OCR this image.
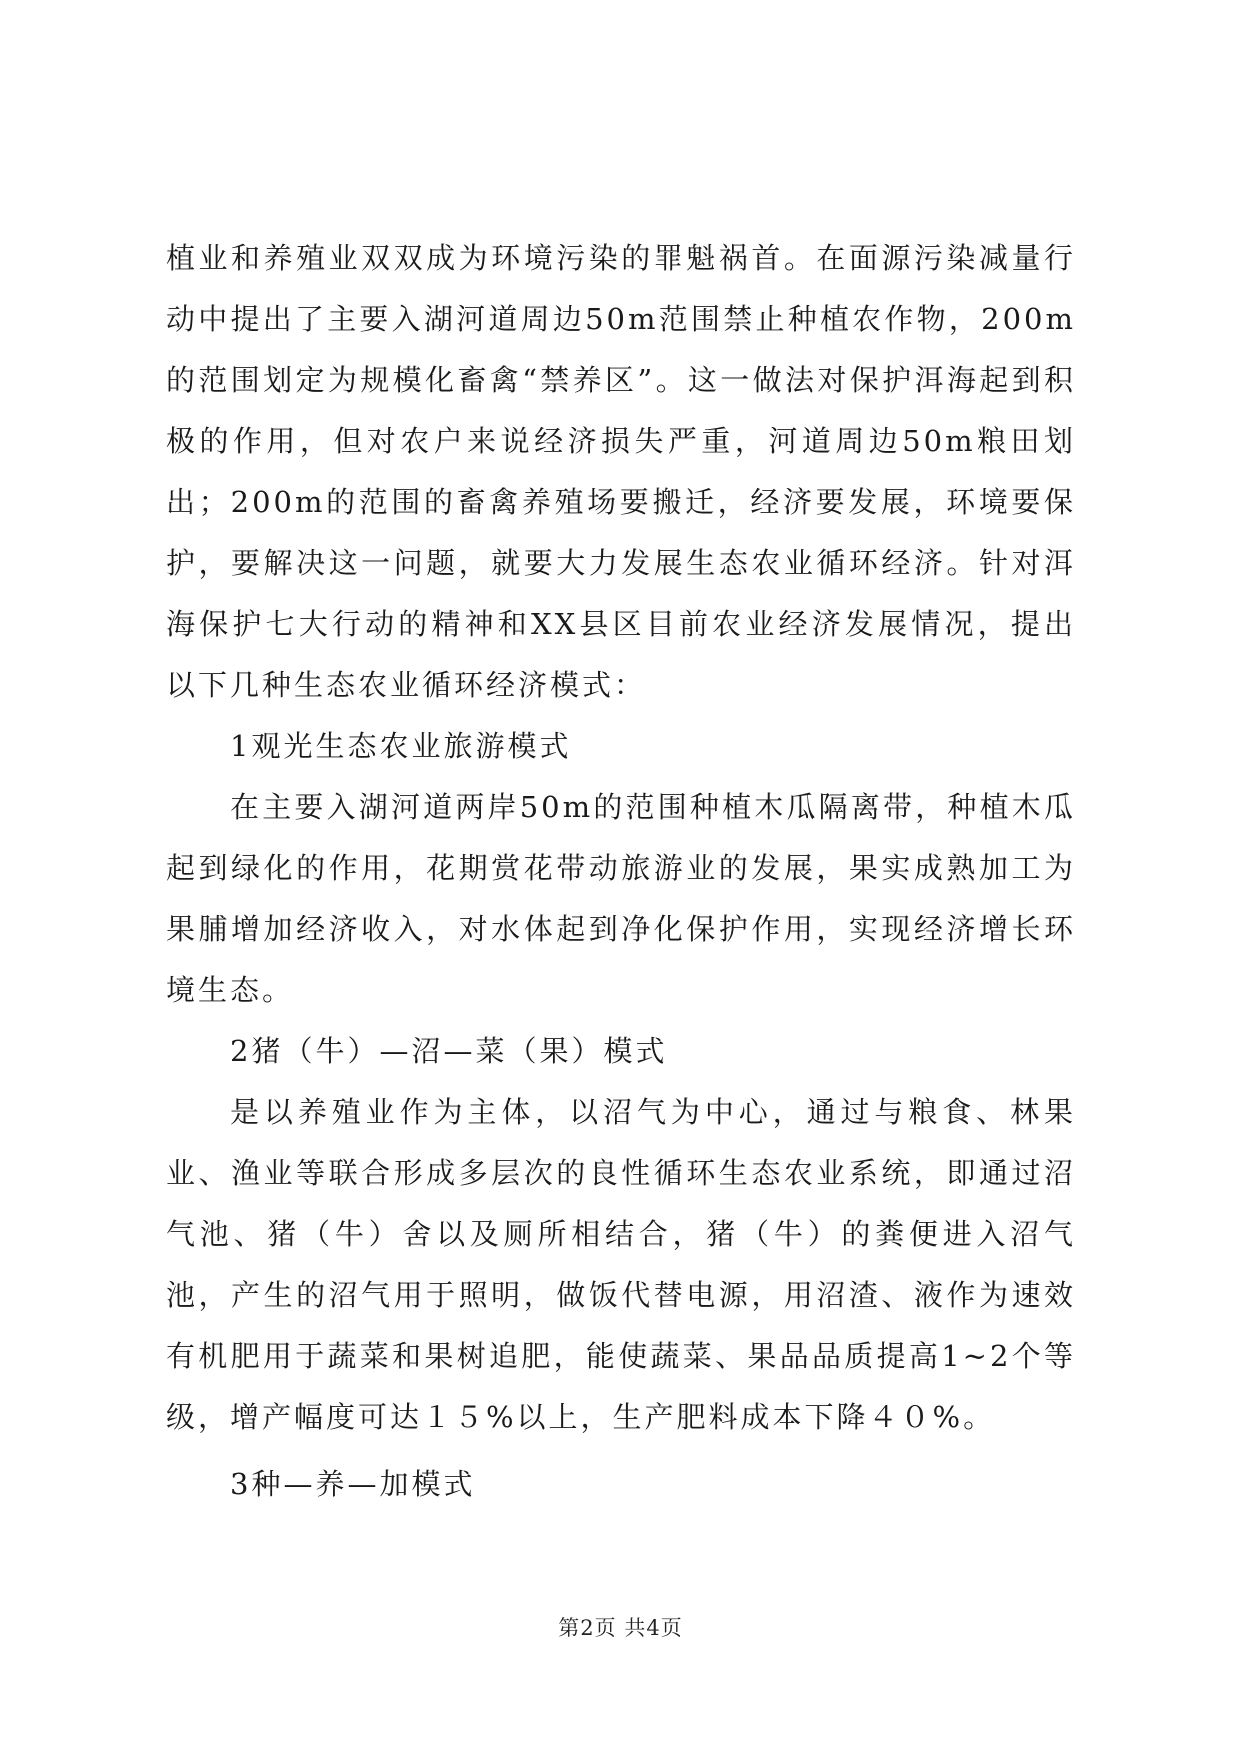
植业和养殖业双双成为环境污染的罪魁祸首。在面源污染减量行动中提出了主要入湖河道周边50m范围禁止种植农作物，200m的范围划定为规模化畜禽“禁养区”。这一做法对保护洱海起到积极的作用，但对农户来说经济损失严重，河道周边50m粮田划出；200m的范围的畜禽养殖场要搬迁，经济要发展，环境要保护，要解决这一问题，就要大力发展生态农业循环经济。针对洱海保护七大行动的精神和XX县区目前农业经济发展情况，提出以下几种生态农业循环经济模式：

1观光生态农业旅游模式

在主要入湖河道两岸50m的范围种植木瓜隔离带，种植木瓜起到绿化的作用，花期赏花带动旅游业的发展，果实成熟加工为果脯增加经济收入，对水体起到净化保护作用，实现经济增长环境生态。

2猪（牛）—沼—菜（果）模式

是以养殖业作为主体，以沼气为中心，通过与粮食、林果业、渔业等联合形成多层次的良性循环生态农业系统，即通过沼气池、猪（牛）舍以及厕所相结合，猪（牛）的粪便进入沼气池，产生的沼气用于照明，做饭代替电源，用沼渣、液作为速效有机肥用于蔬菜和果树追肥，能使蔬菜、果品品质提高1~2个等级，增产幅度可达１５%以上，生产肥料成本下降４０%。

3种—养—加模式

第2页 共4页
